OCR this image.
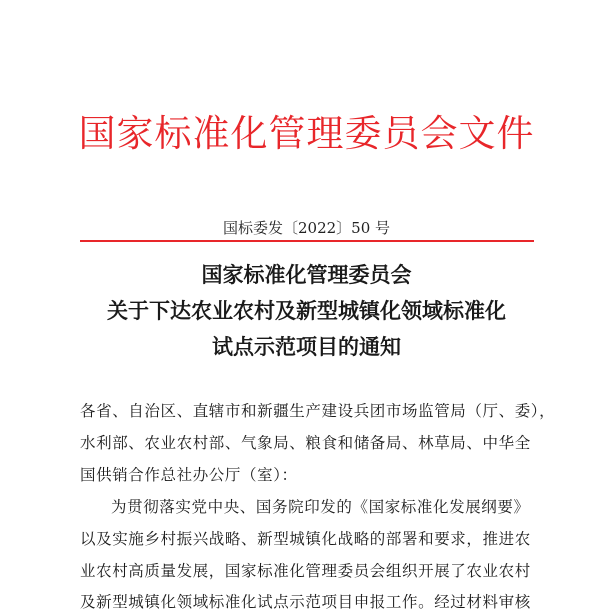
国家标准化管理委员会文件
国标委发〔2022〕50 号
国家标准化管理委员会
关于下达农业农村及新型城镇化领域标准化
试点示范项目的通知
各省、自治区、直辖市和新疆生产建设兵团市场监管局（厅、委），
水利部、农业农村部、气象局、粮食和储备局、林草局、中华全
国供销合作总社办公厅（室）：
为贯彻落实党中央、国务院印发的《国家标准化发展纲要》
以及实施乡村振兴战略、新型城镇化战略的部署和要求，推进农
业农村高质量发展，国家标准化管理委员会组织开展了农业农村
及新型城镇化领域标准化试点示范项目申报工作。经过材料审核
